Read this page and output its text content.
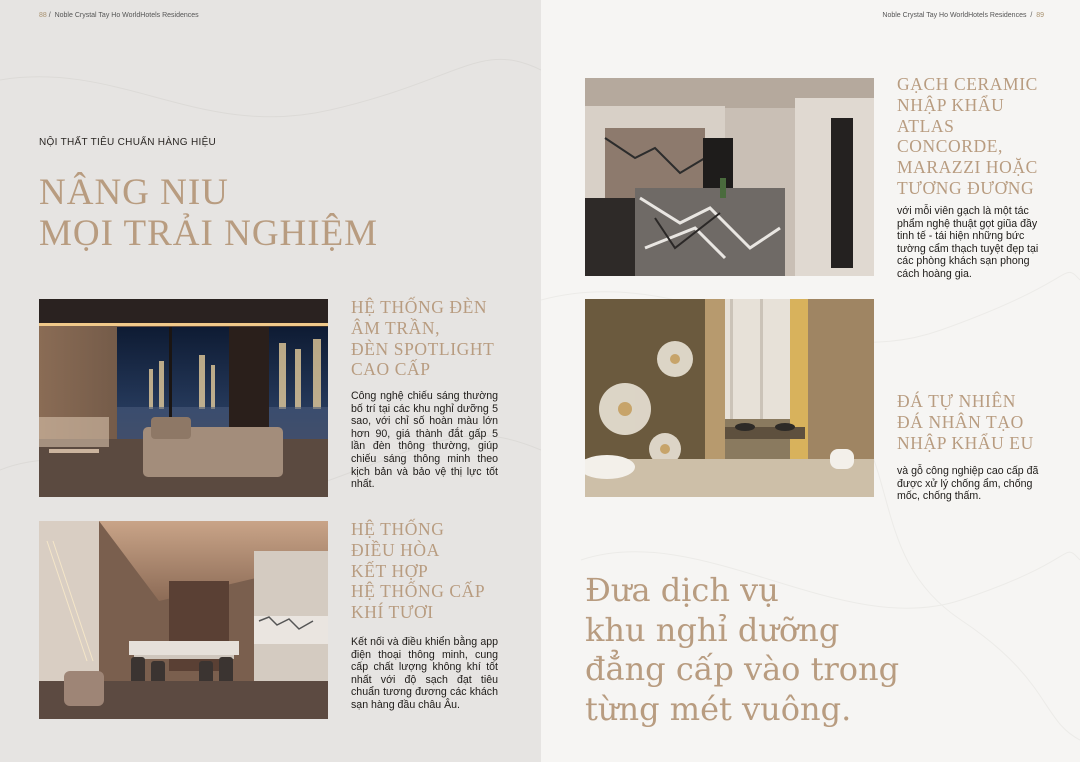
88 / Noble Crystal Tay Ho WorldHotels Residences	Noble Crystal Tay Ho WorldHotels Residences / 89
NỘI THẤT TIÊU CHUẨN HÀNG HIỆU
NÂNG NIU
MỌI TRẢI NGHIỆM
HỆ THỐNG ĐÈN
ÂM TRẦN,
ĐÈN SPOTLIGHT
CAO CẤP
Công nghệ chiếu sáng thường bố trí tại các khu nghỉ dưỡng 5 sao, với chỉ số hoàn màu lớn hơn 90, giá thành đắt gấp 5 lần đèn thông thường, giúp chiếu sáng thông minh theo kịch bản và bảo vệ thị lực tốt nhất.
HỆ THỐNG
ĐIỀU HÒA
KẾT HỢP
HỆ THỐNG CẤP
KHÍ TƯƠI
Kết nối và điều khiển bằng app điện thoại thông minh, cung cấp chất lượng không khí tốt nhất với độ sạch đạt tiêu chuẩn tương đương các khách sạn hàng đầu châu Âu.
GẠCH CERAMIC
NHẬP KHẨU
ATLAS
CONCORDE,
MARAZZI HOẶC
TƯƠNG ĐƯƠNG
với mỗi viên gạch là một tác phẩm nghệ thuật gọt giũa đầy tinh tế - tái hiện những bức tường cẩm thạch tuyệt đẹp tại các phòng khách sạn phong cách hoàng gia.
ĐÁ TỰ NHIÊN
ĐÁ NHÂN TẠO
NHẬP KHẨU EU
và gỗ công nghiệp cao cấp đã được xử lý chống ẩm, chống mốc, chống thấm.
Đưa dịch vụ
khu nghỉ dưỡng
đẳng cấp vào trong
từng mét vuông.
